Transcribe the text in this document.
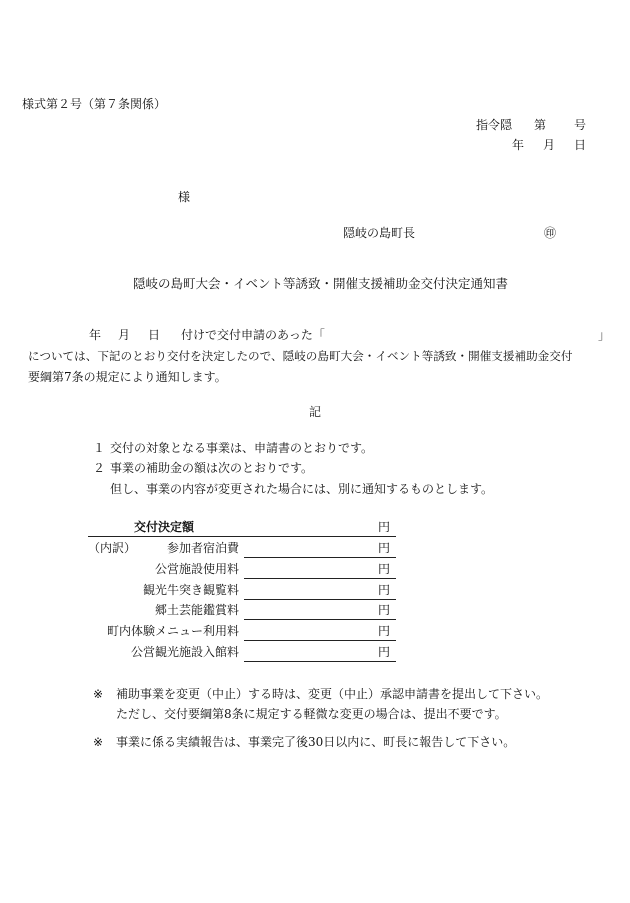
様式第２号（第７条関係）
指令隠 第 号
年 月 日
様
隠岐の島町長	㊞
隠岐の島町大会・イベント等誘致・開催支援補助金交付決定通知書
年 月 日 付けで交付申請のあった「	」
については、下記のとおり交付を決定したので、隠岐の島町大会・イベント等誘致・開催支援補助金交付
要綱第7条の規定により通知します。
記
１ 交付の対象となる事業は、申請書のとおりです。
２ 事業の補助金の額は次のとおりです。
但し、事業の内容が変更された場合には、別に通知するものとします。
交付決定額	円
（内訳）	参加者宿泊費	円
公営施設使用料	円
観光牛突き観覧料	円
郷土芸能鑑賞料	円
町内体験メニュー利用料	円
公営観光施設入館料	円
※ 補助事業を変更（中止）する時は、変更（中止）承認申請書を提出して下さい。
ただし、交付要綱第8条に規定する軽微な変更の場合は、提出不要です。
※ 事業に係る実績報告は、事業完了後30日以内に、町長に報告して下さい。
